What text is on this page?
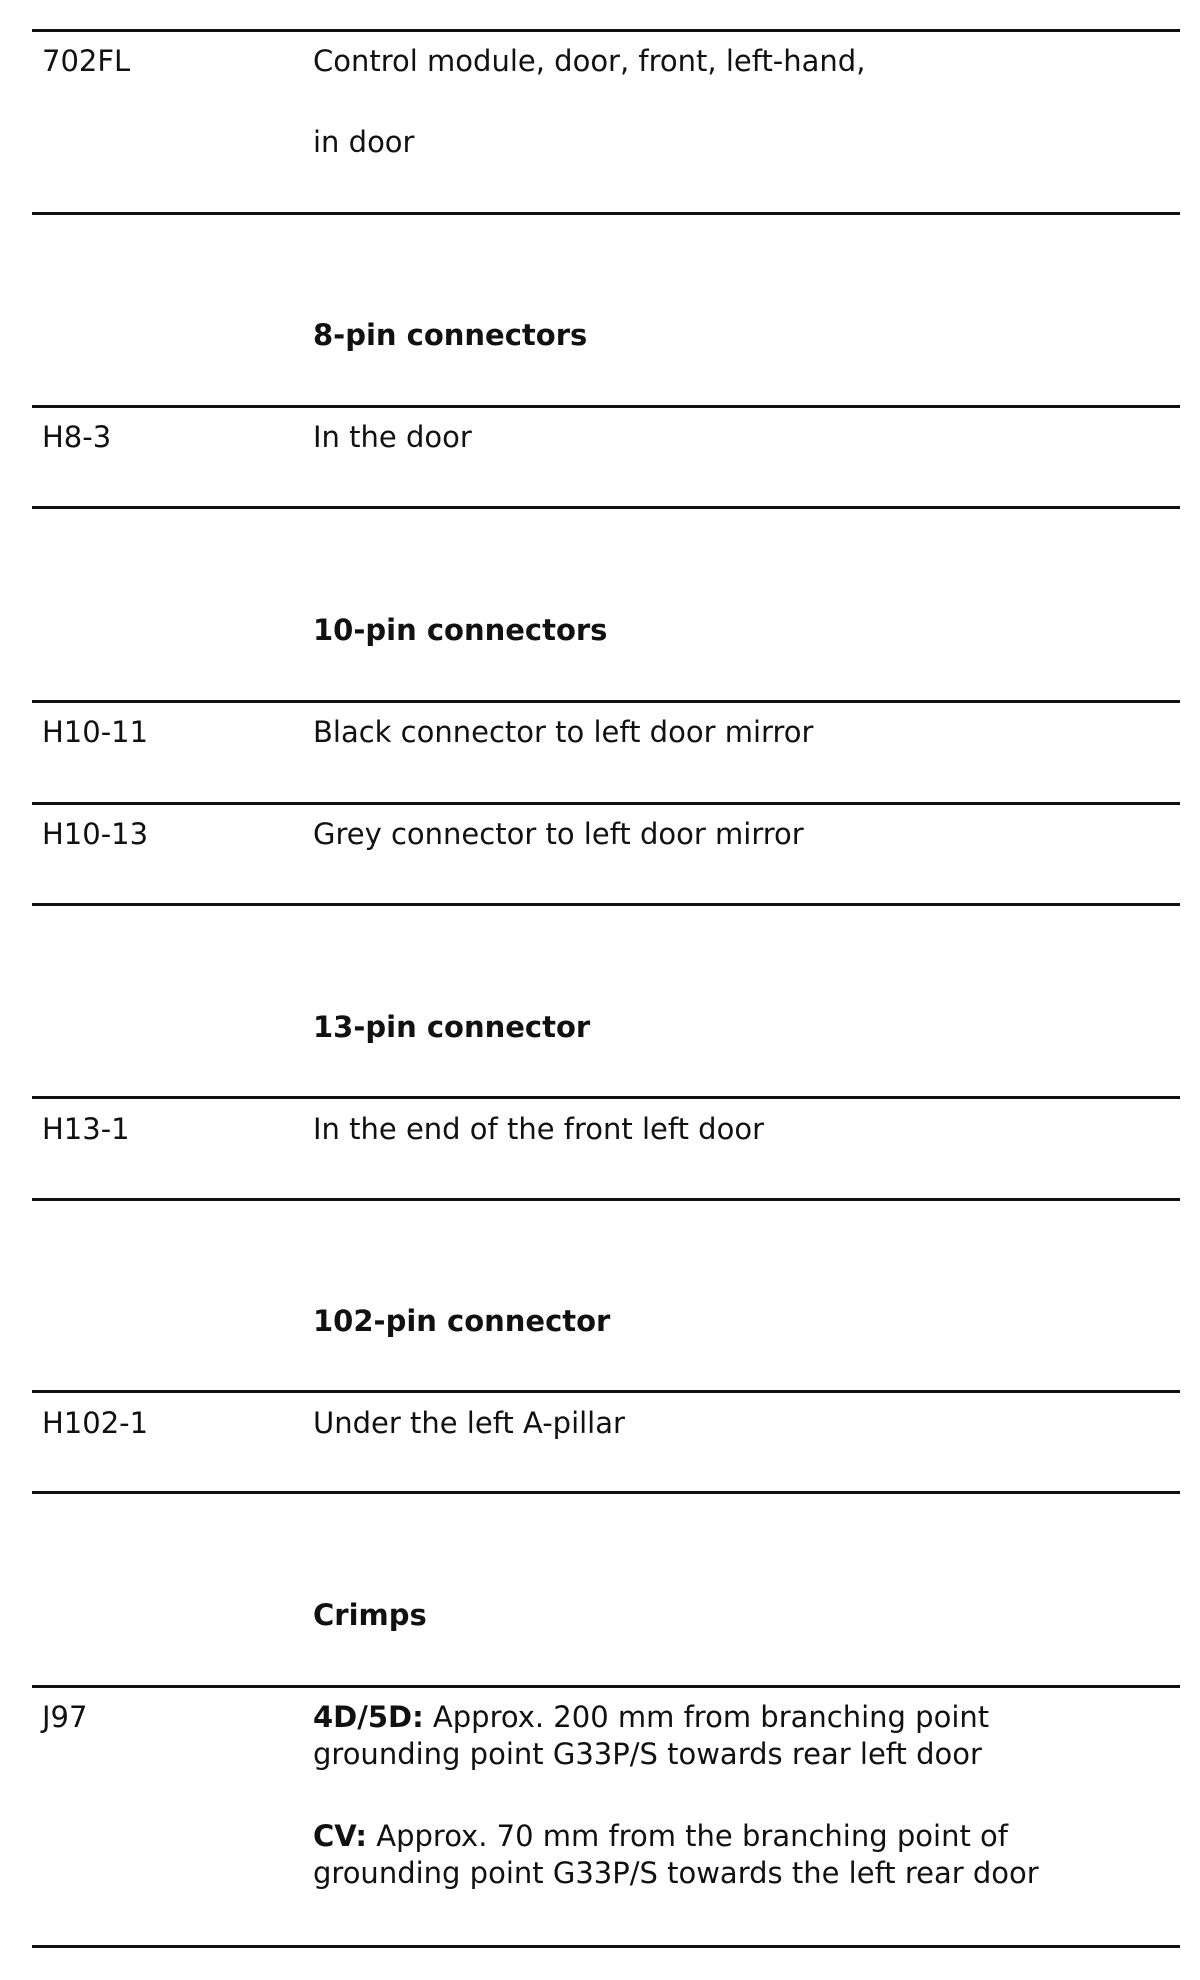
702FL	Control module, door, front, left-hand,
in door
8-pin connectors
H8-3	In the door
10-pin connectors
H10-11	Black connector to left door mirror
H10-13	Grey connector to left door mirror
13-pin connector
H13-1	In the end of the front left door
102-pin connector
H102-1	Under the left A-pillar
Crimps
J97	4D/5D: Approx. 200 mm from branching point
grounding point G33P/S towards rear left door
CV: Approx. 70 mm from the branching point of
grounding point G33P/S towards the left rear door
